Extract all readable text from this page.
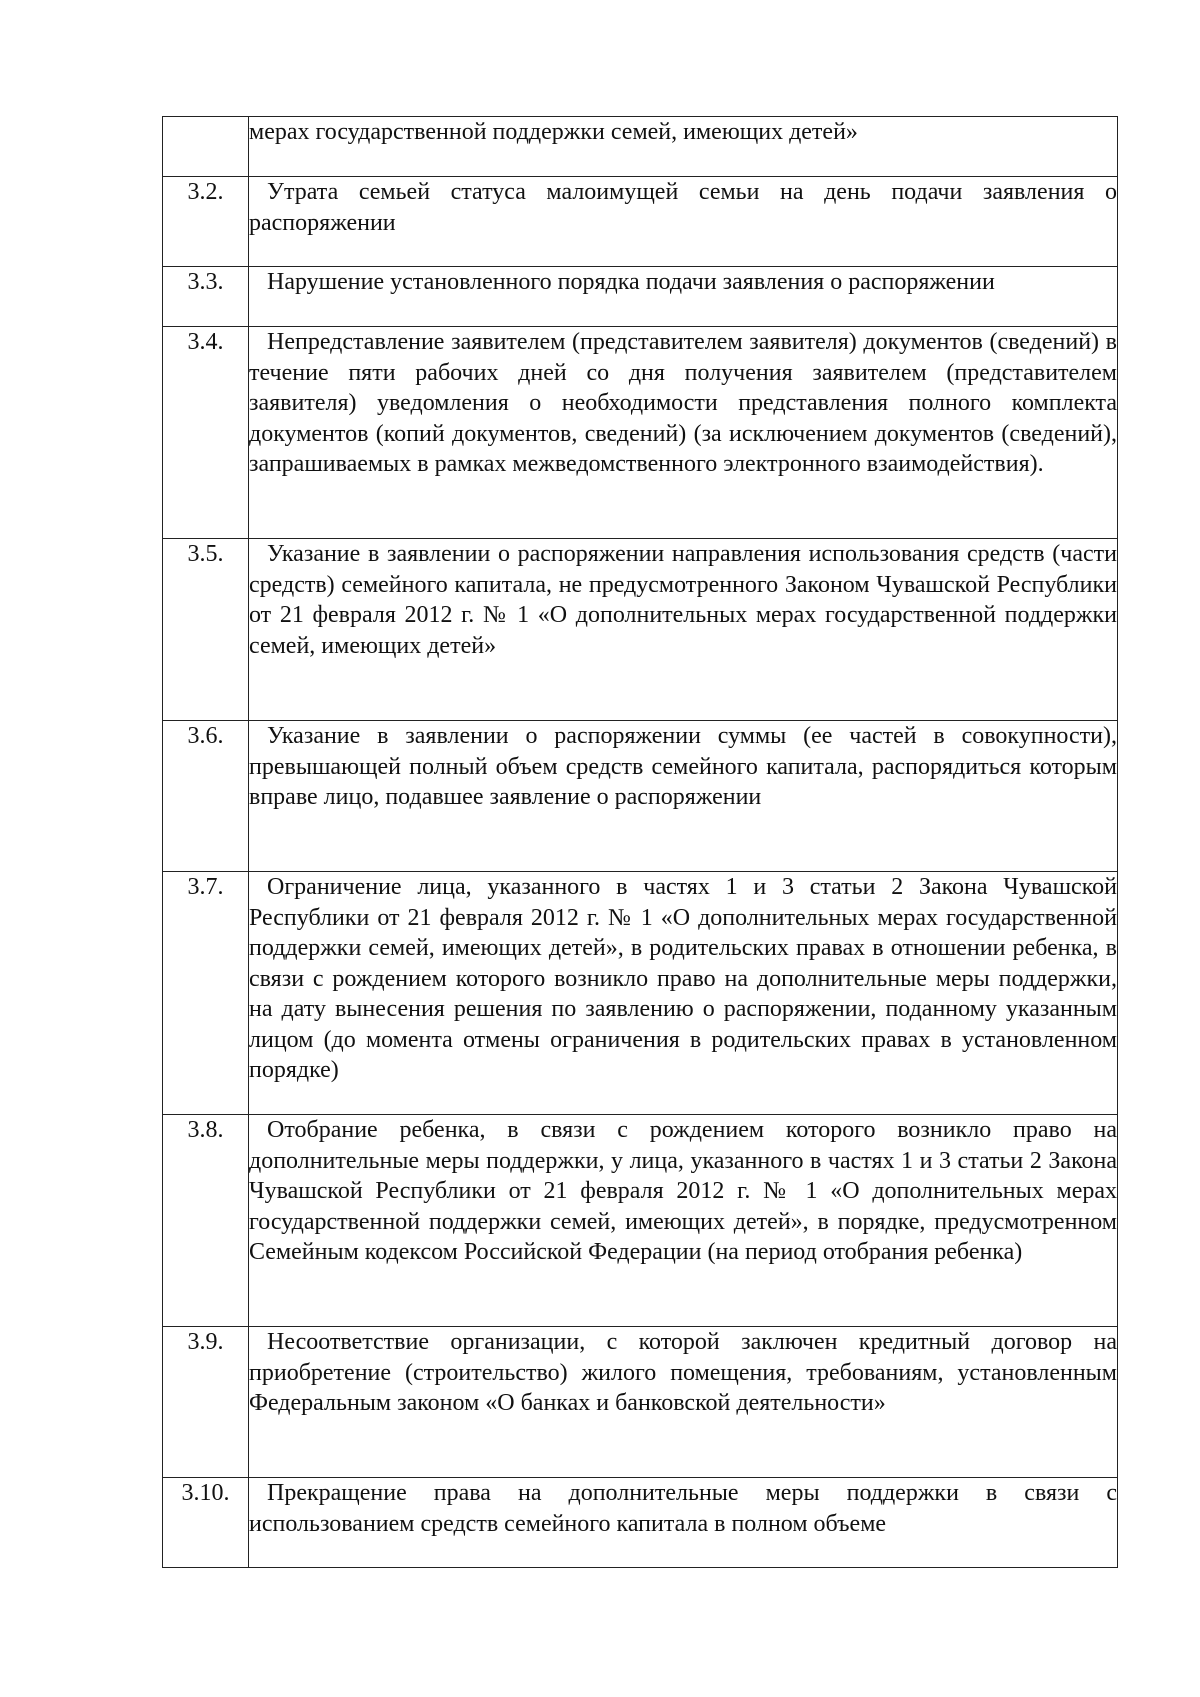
	мерах государственной поддержки семей, имеющих детей»

3.2.	Утрата семьей статуса малоимущей семьи на день подачи заявления о распоряжении

3.3.	Нарушение установленного порядка подачи заявления о распоряжении

3.4.	Непредставление заявителем (представителем заявителя) документов (сведений) в течение пяти рабочих дней со дня получения заявителем (представителем заявителя) уведомления о необходимости представления полного комплекта документов (копий документов, сведений) (за исключением документов (сведений), запрашиваемых в рамках межведомственного электронного взаимодействия).

3.5.	Указание в заявлении о распоряжении направления использования средств (части средств) семейного капитала, не предусмотренного Законом Чувашской Республики от 21 февраля 2012 г. № 1 «О дополнительных мерах государственной поддержки семей, имеющих детей»

3.6.	Указание в заявлении о распоряжении суммы (ее частей в совокупности), превышающей полный объем средств семейного капитала, распорядиться которым вправе лицо, подавшее заявление о распоряжении

3.7.	Ограничение лица, указанного в частях 1 и 3 статьи 2 Закона Чувашской Республики от 21 февраля 2012 г. № 1 «О дополнительных мерах государственной поддержки семей, имеющих детей», в родительских правах в отношении ребенка, в связи с рождением которого возникло право на дополнительные меры поддержки, на дату вынесения решения по заявлению о распоряжении, поданному указанным лицом (до момента отмены ограничения в родительских правах в установленном порядке)

3.8.	Отобрание ребенка, в связи с рождением которого возникло право на дополнительные меры поддержки, у лица, указанного в частях 1 и 3 статьи 2 Закона Чувашской Республики от 21 февраля 2012 г. № 1 «О дополнительных мерах государственной поддержки семей, имеющих детей», в порядке, предусмотренном Семейным кодексом Российской Федерации (на период отобрания ребенка)

3.9.	Несоответствие организации, с которой заключен кредитный договор на приобретение (строительство) жилого помещения, требованиям, установленным Федеральным законом «О банках и банковской деятельности»

3.10.	Прекращение права на дополнительные меры поддержки в связи с использованием средств семейного капитала в полном объеме
